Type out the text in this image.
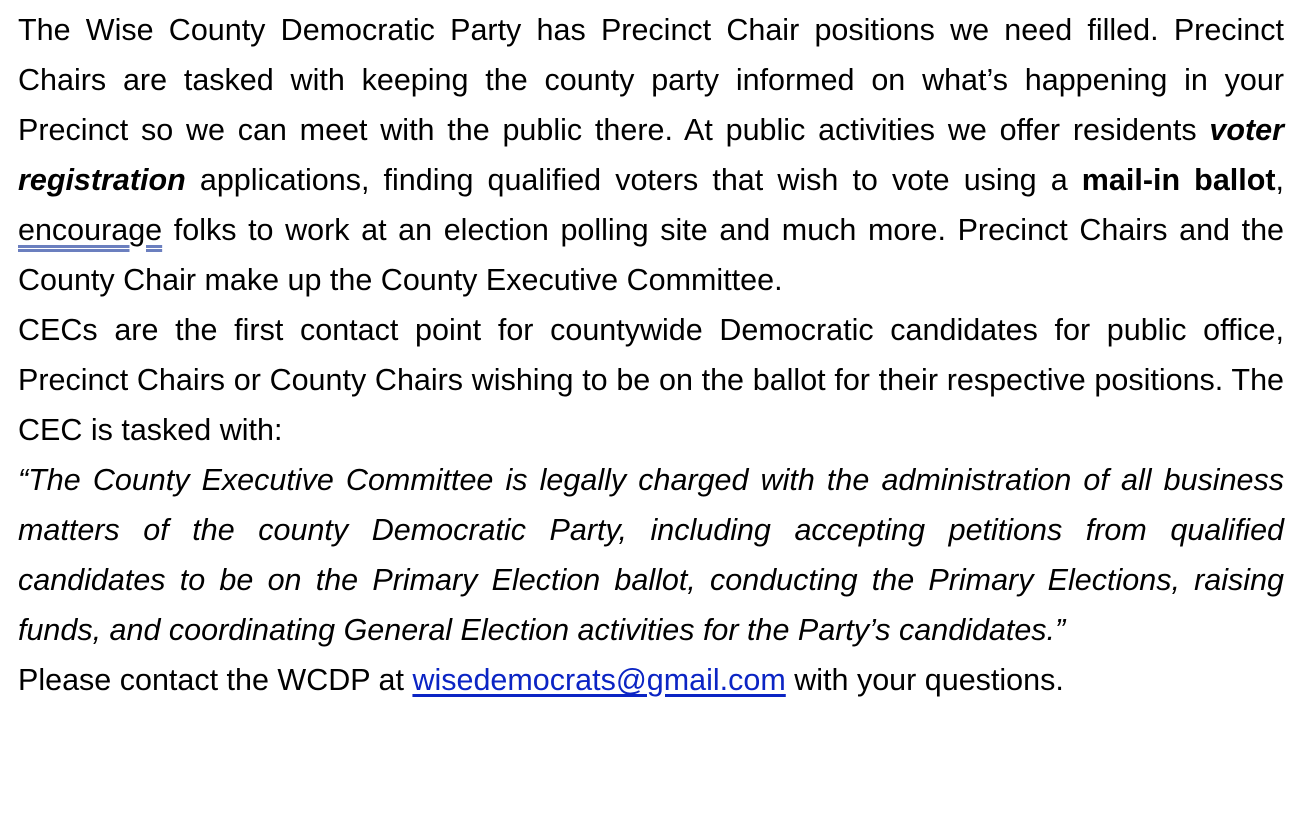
The Wise County Democratic Party has Precinct Chair positions we need filled. Precinct Chairs are tasked with keeping the county party informed on what’s happening in your Precinct so we can meet with the public there. At public activities we offer residents voter registration applications, finding qualified voters that wish to vote using a mail-in ballot, encourage folks to work at an election polling site and much more. Precinct Chairs and the County Chair make up the County Executive Committee.

CECs are the first contact point for countywide Democratic candidates for public office, Precinct Chairs or County Chairs wishing to be on the ballot for their respective positions. The CEC is tasked with:

“The County Executive Committee is legally charged with the administration of all business matters of the county Democratic Party, including accepting petitions from qualified candidates to be on the Primary Election ballot, conducting the Primary Elections, raising funds, and coordinating General Election activities for the Party’s candidates.”

Please contact the WCDP at wisedemocrats@gmail.com with your questions.
